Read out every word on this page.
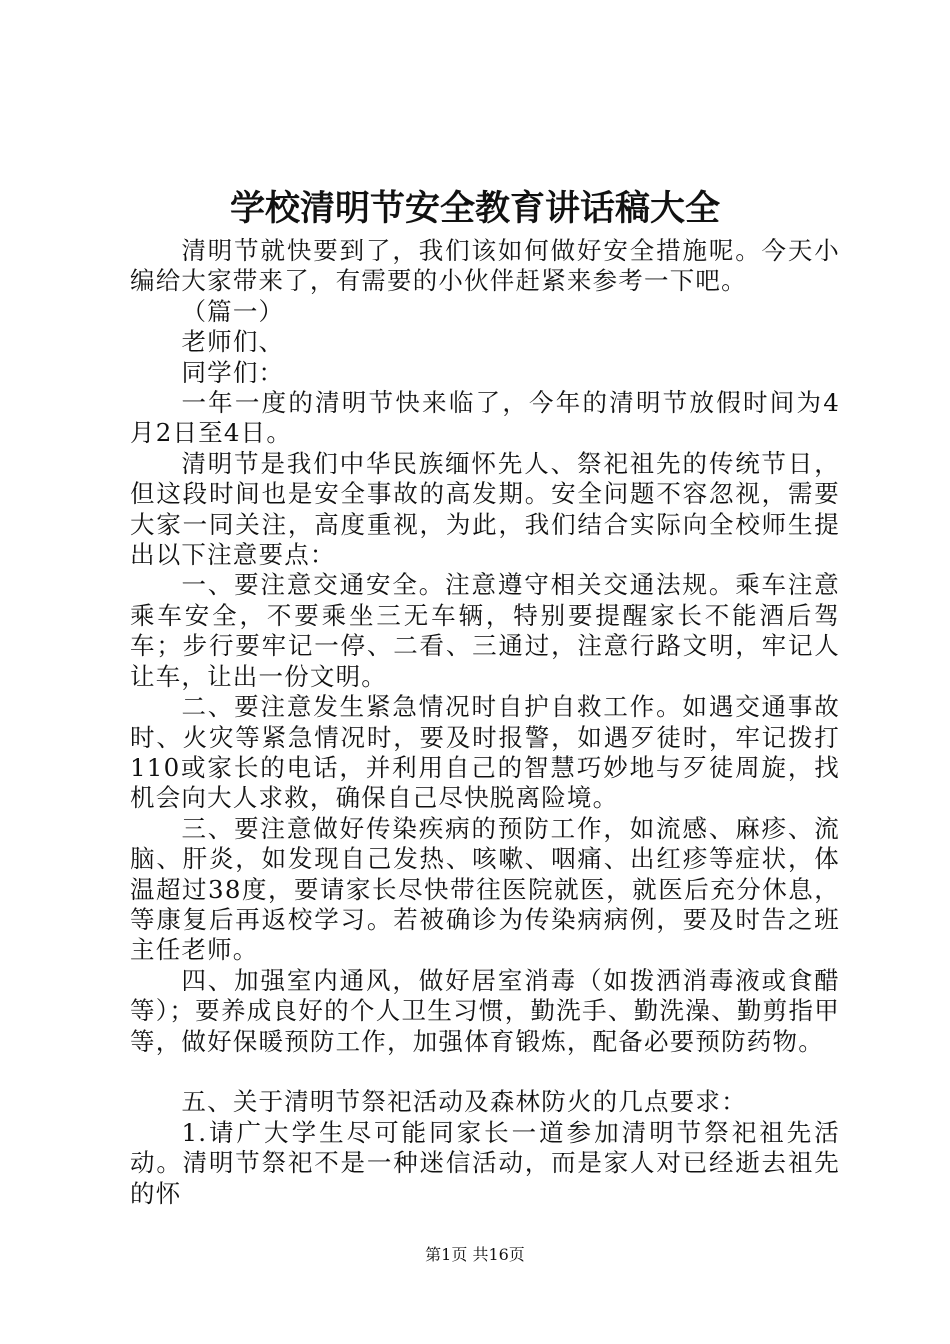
学校清明节安全教育讲话稿大全

清明节就快要到了，我们该如何做好安全措施呢。今天小编给大家带来了，有需要的小伙伴赶紧来参考一下吧。

（篇一）

老师们、

同学们：

一年一度的清明节快来临了，今年的清明节放假时间为4月2日至4日。

清明节是我们中华民族缅怀先人、祭祀祖先的传统节日，但这段时间也是安全事故的高发期。安全问题不容忽视，需要大家一同关注，高度重视，为此，我们结合实际向全校师生提出以下注意要点：

一、要注意交通安全。注意遵守相关交通法规。乘车注意乘车安全，不要乘坐三无车辆，特别要提醒家长不能酒后驾车；步行要牢记一停、二看、三通过，注意行路文明，牢记人让车，让出一份文明。

二、要注意发生紧急情况时自护自救工作。如遇交通事故时、火灾等紧急情况时，要及时报警，如遇歹徒时，牢记拨打110或家长的电话，并利用自己的智慧巧妙地与歹徒周旋，找机会向大人求救，确保自己尽快脱离险境。

三、要注意做好传染疾病的预防工作，如流感、麻疹、流脑、肝炎，如发现自己发热、咳嗽、咽痛、出红疹等症状，体温超过38度，要请家长尽快带往医院就医，就医后充分休息，等康复后再返校学习。若被确诊为传染病病例，要及时告之班主任老师。

四、加强室内通风，做好居室消毒（如拨洒消毒液或食醋等）；要养成良好的个人卫生习惯，勤洗手、勤洗澡、勤剪指甲等，做好保暖预防工作，加强体育锻炼，配备必要预防药物。

五、关于清明节祭祀活动及森林防火的几点要求：

1.请广大学生尽可能同家长一道参加清明节祭祀祖先活动。清明节祭祀不是一种迷信活动，而是家人对已经逝去祖先的怀

第1页 共16页
